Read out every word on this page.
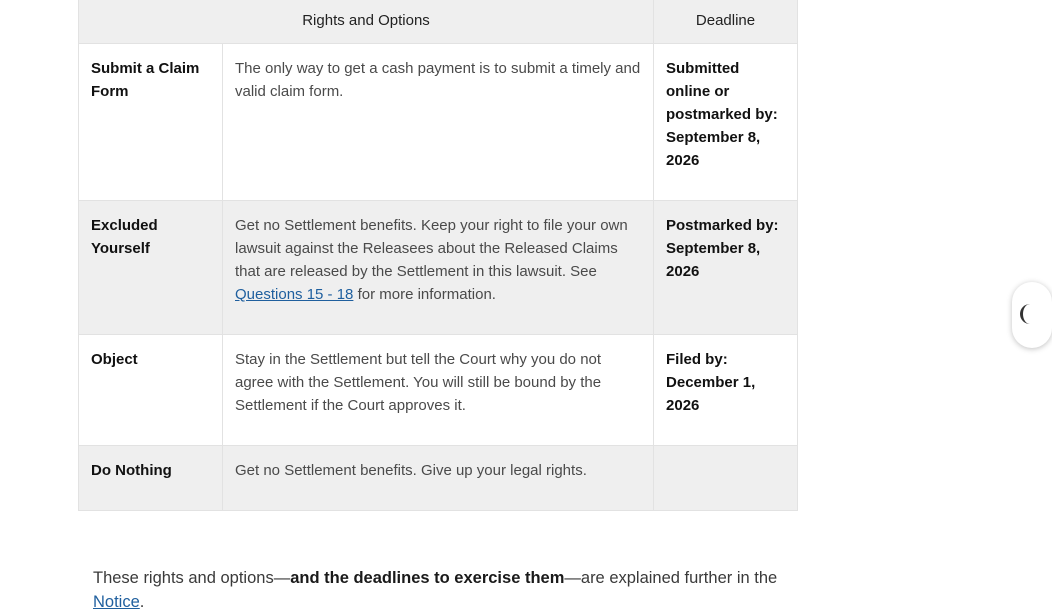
Rights and Options		Deadline
Submit a Claim Form	The only way to get a cash payment is to submit a timely and valid claim form.	Submitted online or postmarked by: September 8, 2026
Excluded Yourself	Get no Settlement benefits. Keep your right to file your own lawsuit against the Releasees about the Released Claims that are released by the Settlement in this lawsuit. See Questions 15 - 18 for more information.	Postmarked by: September 8, 2026
Object	Stay in the Settlement but tell the Court why you do not agree with the Settlement. You will still be bound by the Settlement if the Court approves it.	Filed by: December 1, 2026
Do Nothing	Get no Settlement benefits. Give up your legal rights.	

These rights and options—and the deadlines to exercise them—are explained further in the Notice.
